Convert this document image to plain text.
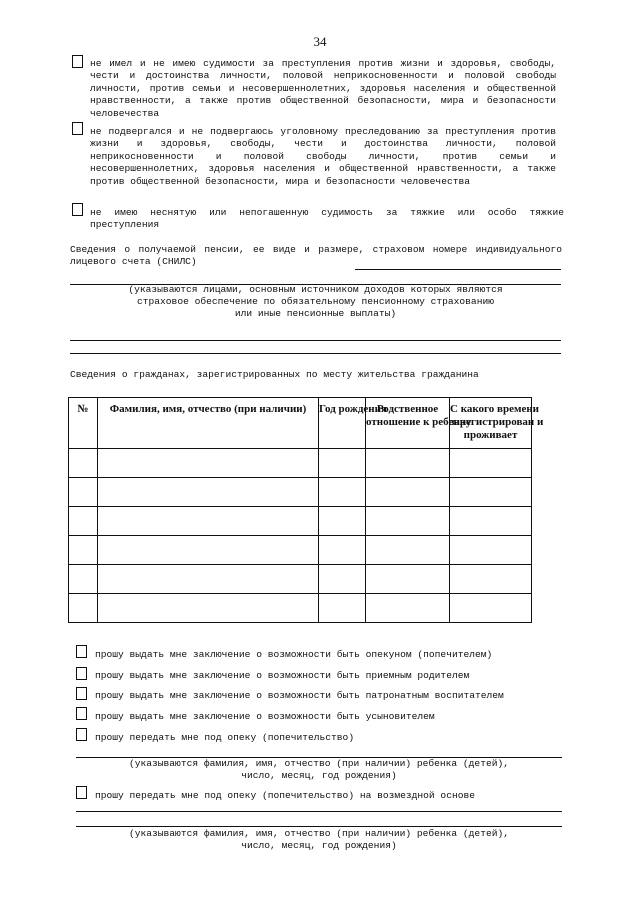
34
не имел и не имею судимости за преступления против жизни и здоровья, свободы, чести и достоинства личности, половой неприкосновенности и половой свободы личности, против семьи и несовершеннолетних, здоровья населения и общественной нравственности, а также против общественной безопасности, мира и безопасности человечества
не подвергался и не подвергаюсь уголовному преследованию за преступления против жизни и здоровья, свободы, чести и достоинства личности, половой неприкосновенности и половой свободы личности, против семьи и несовершеннолетних, здоровья населения и общественной нравственности, а также против общественной безопасности, мира и безопасности человечества
не имею неснятую или непогашенную судимость за тяжкие или особо тяжкие преступления
Сведения о получаемой пенсии, ее виде и размере, страховом номере индивидуального лицевого счета (СНИЛС)
(указываются лицами, основным источником доходов которых являются
страховое обеспечение по обязательному пенсионному страхованию
или иные пенсионные выплаты)
Сведения о гражданах, зарегистрированных по месту жительства гражданина
№	Фамилия, имя, отчество (при наличии)	Год рождения	Родственное
отношение к ребенку	С какого времени
зарегистрирован и
проживает

прошу выдать мне заключение о возможности быть опекуном (попечителем)
прошу выдать мне заключение о возможности быть приемным родителем
прошу выдать мне заключение о возможности быть патронатным воспитателем
прошу выдать мне заключение о возможности быть усыновителем
прошу передать мне под опеку (попечительство)
(указываются фамилия, имя, отчество (при наличии) ребенка (детей),
число, месяц, год рождения)
прошу передать мне под опеку (попечительство) на возмездной основе
(указываются фамилия, имя, отчество (при наличии) ребенка (детей),
число, месяц, год рождения)
